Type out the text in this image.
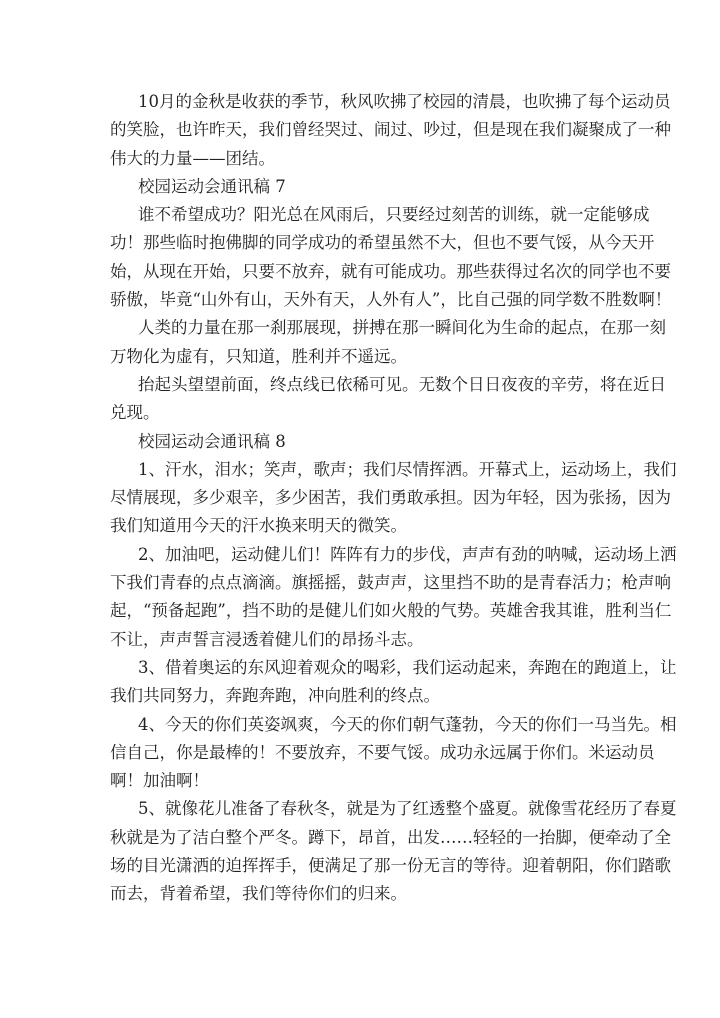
10月的金秋是收获的季节，秋风吹拂了校园的清晨，也吹拂了每个运动员
的笑脸，也许昨天，我们曾经哭过、闹过、吵过，但是现在我们凝聚成了一种
伟大的力量——团结。
校园运动会通讯稿 7
谁不希望成功？阳光总在风雨后，只要经过刻苦的训练，就一定能够成
功！那些临时抱佛脚的同学成功的希望虽然不大，但也不要气馁，从今天开
始，从现在开始，只要不放弃，就有可能成功。那些获得过名次的同学也不要
骄傲，毕竟“山外有山，天外有天，人外有人”，比自己强的同学数不胜数啊！
人类的力量在那一刹那展现，拼搏在那一瞬间化为生命的起点，在那一刻
万物化为虚有，只知道，胜利并不遥远。
抬起头望望前面，终点线已依稀可见。无数个日日夜夜的辛劳，将在近日
兑现。
校园运动会通讯稿 8
1、汗水，泪水；笑声，歌声；我们尽情挥洒。开幕式上，运动场上，我们
尽情展现，多少艰辛，多少困苦，我们勇敢承担。因为年轻，因为张扬，因为
我们知道用今天的汗水换来明天的微笑。
2、加油吧，运动健儿们！阵阵有力的步伐，声声有劲的呐喊，运动场上洒
下我们青春的点点滴滴。旗摇摇，鼓声声，这里挡不助的是青春活力；枪声响
起，“预备起跑”，挡不助的是健儿们如火般的气势。英雄舍我其谁，胜利当仁
不让，声声誓言浸透着健儿们的昂扬斗志。
3、借着奥运的东风迎着观众的喝彩，我们运动起来，奔跑在的跑道上，让
我们共同努力，奔跑奔跑，冲向胜利的终点。
4、今天的你们英姿飒爽，今天的你们朝气蓬勃，今天的你们一马当先。相
信自己，你是最棒的！不要放弃，不要气馁。成功永远属于你们。米运动员
啊！加油啊！
5、就像花儿准备了春秋冬，就是为了红透整个盛夏。就像雪花经历了春夏
秋就是为了洁白整个严冬。蹲下，昂首，出发……轻轻的一抬脚，便牵动了全
场的目光潇洒的迫挥挥手，便满足了那一份无言的等待。迎着朝阳，你们踏歌
而去，背着希望，我们等待你们的归来。
